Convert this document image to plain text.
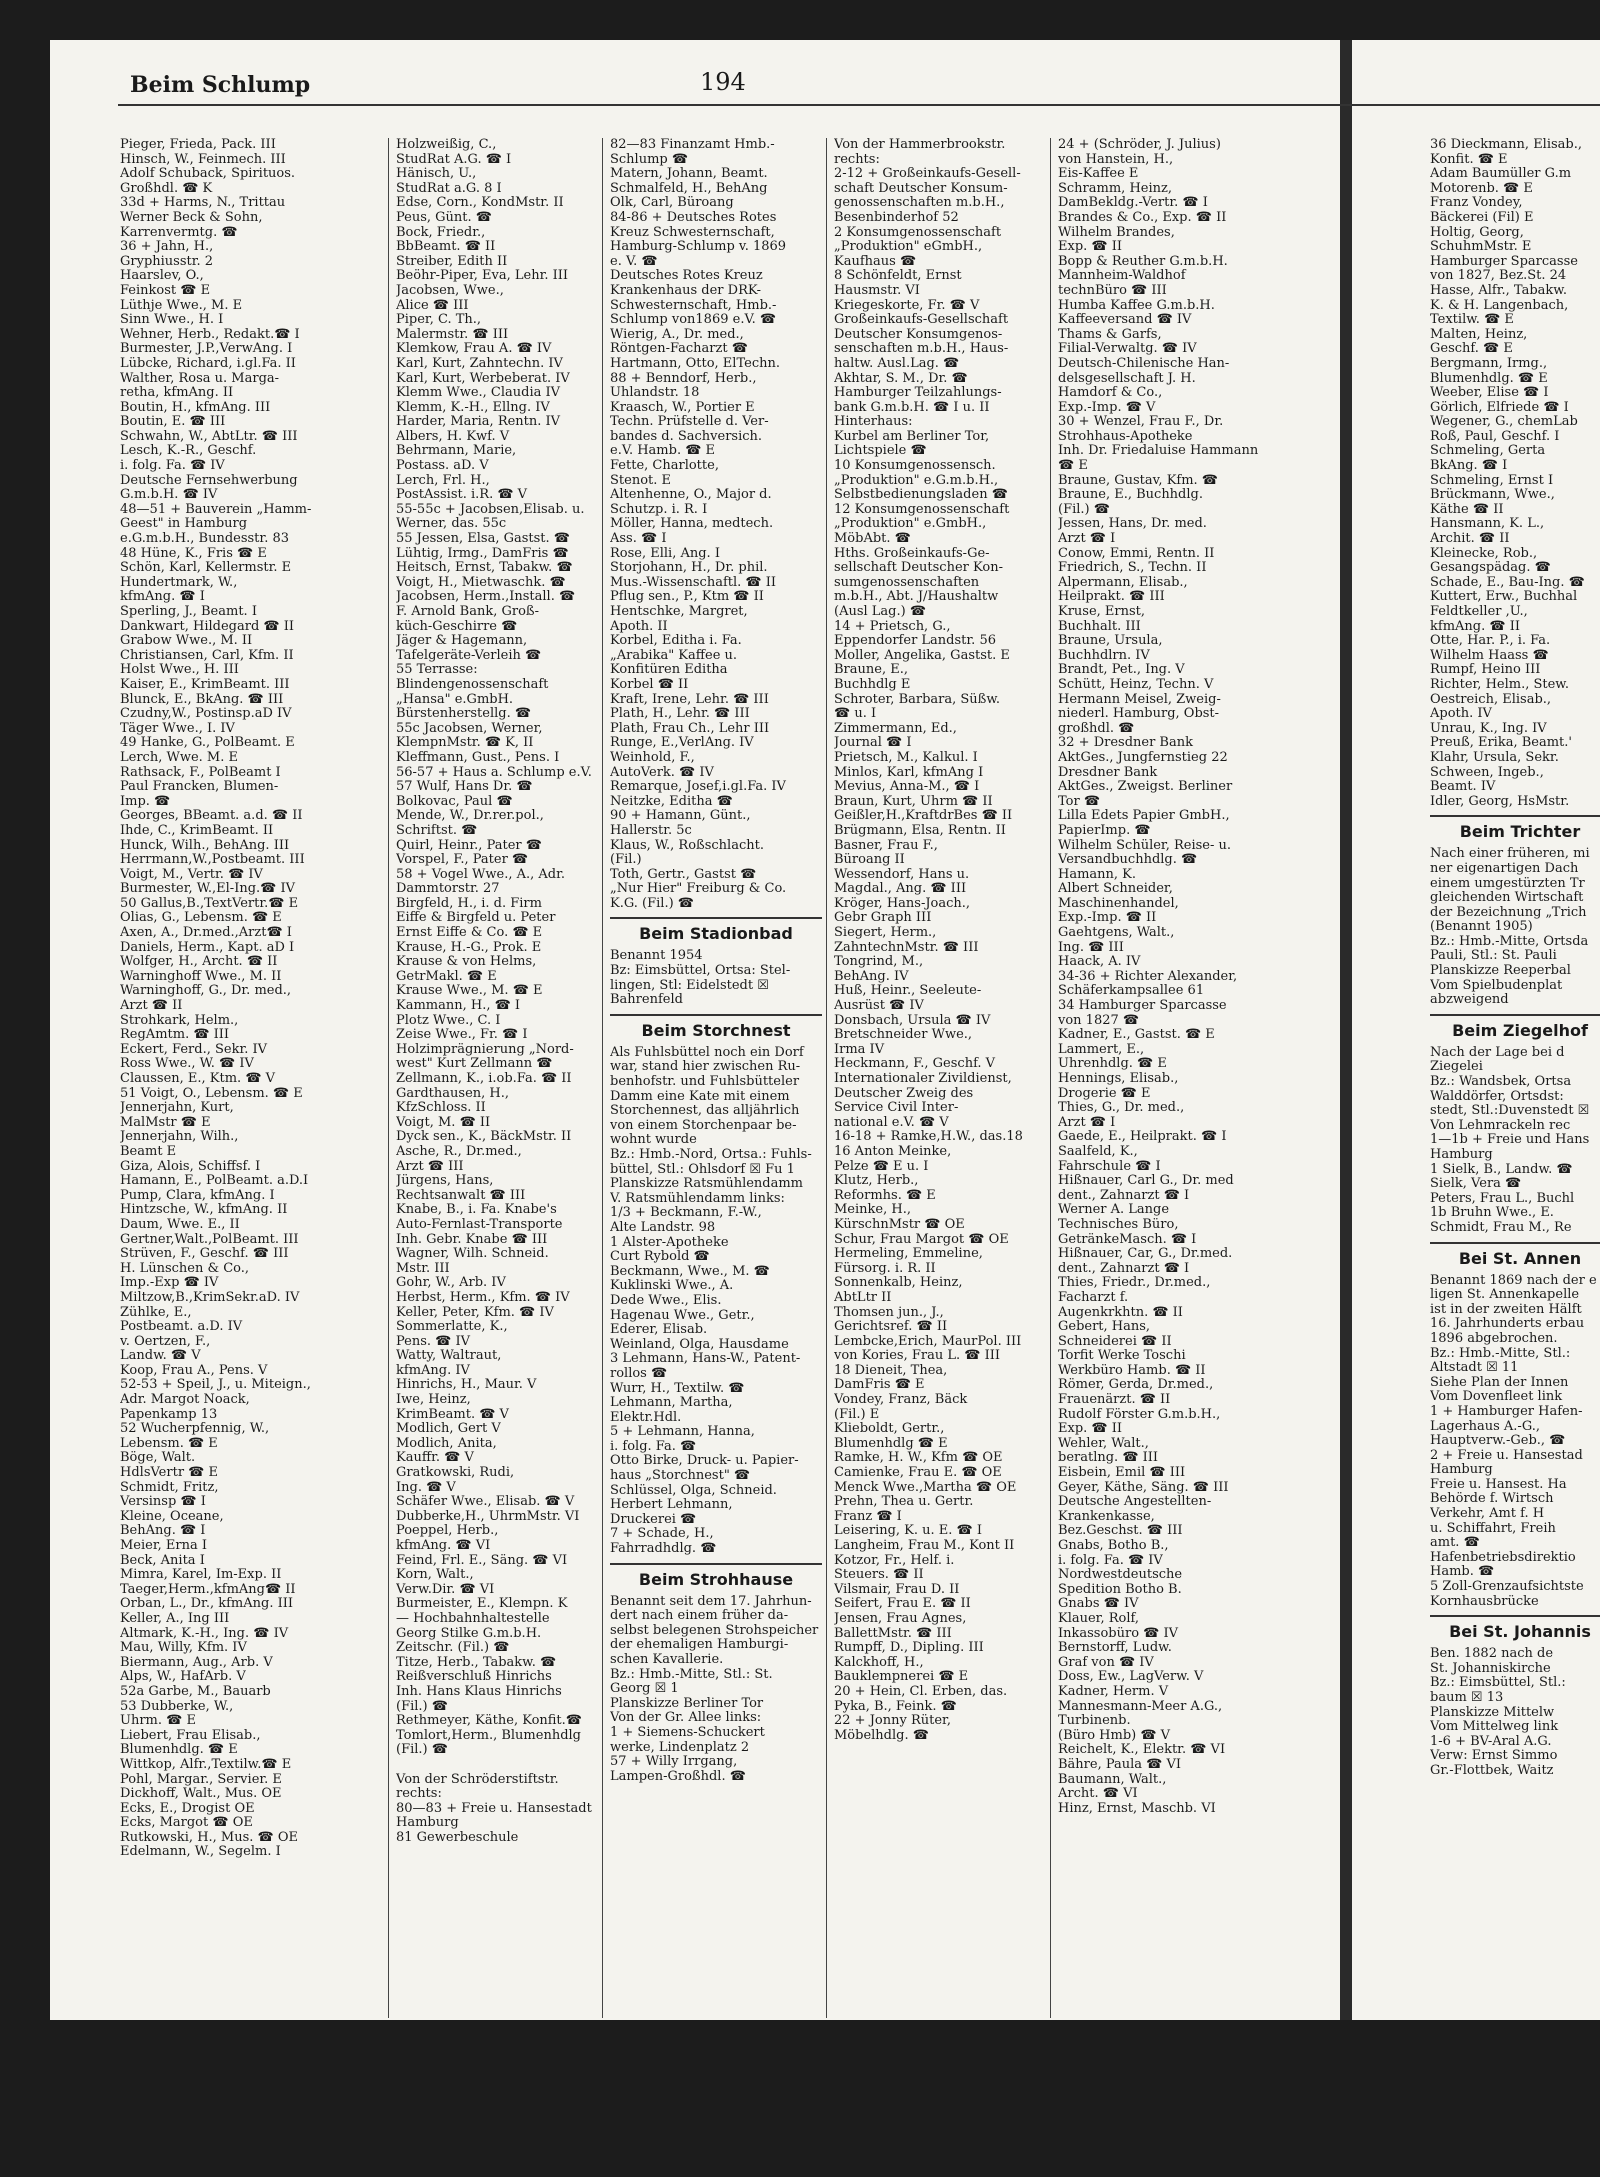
Beim Schlump	194
Pieger, Frieda, Pack. III
Hinsch, W., Feinmech. III
Adolf Schuback, Spirituos.
Großhdl. ☎ K
33d + Harms, N., Trittau
Werner Beck & Sohn,
Karrenvermtg. ☎
36 + Jahn, H.,
Gryphiusstr. 2
Haarslev, O.,
Feinkost ☎ E
Lüthje Wwe., M. E
Sinn Wwe., H. I
Wehner, Herb., Redakt.☎ I
Burmester, J.P.,VerwAng. I
Lübcke, Richard, i.gl.Fa. II
Walther, Rosa u. Marga-
retha, kfmAng. II
Boutin, H., kfmAng. III
Boutin, E. ☎ III
Schwahn, W., AbtLtr. ☎ III
Lesch, K.-R., Geschf.
i. folg. Fa. ☎ IV
Deutsche Fernsehwerbung
G.m.b.H. ☎ IV
48—51 + Bauverein „Hamm-
Geest" in Hamburg
e.G.m.b.H., Bundesstr. 83
48 Hüne, K., Fris ☎ E
Schön, Karl, Kellermstr. E
Hundertmark, W.,
kfmAng. ☎ I
Sperling, J., Beamt. I
Dankwart, Hildegard ☎ II
Grabow Wwe., M. II
Christiansen, Carl, Kfm. II
Holst Wwe., H. III
Kaiser, E., KrimBeamt. III
Blunck, E., BkAng. ☎ III
Czudny,W., Postinsp.aD IV
Täger Wwe., I. IV
49 Hanke, G., PolBeamt. E
Lerch, Wwe. M. E
Rathsack, F., PolBeamt I
Paul Francken, Blumen-
Imp. ☎
Georges, BBeamt. a.d. ☎ II
Ihde, C., KrimBeamt. II
Hunck, Wilh., BehAng. III
Herrmann,W.,Postbeamt. III
Voigt, M., Vertr. ☎ IV
Burmester, W.,El-Ing.☎ IV
50 Gallus,B.,TextVertr.☎ E
Olias, G., Lebensm. ☎ E
Axen, A., Dr.med.,Arzt☎ I
Daniels, Herm., Kapt. aD I
Wolfger, H., Archt. ☎ II
Warninghoff Wwe., M. II
Warninghoff, G., Dr. med.,
Arzt ☎ II
Strohkark, Helm.,
RegAmtm. ☎ III
Eckert, Ferd., Sekr. IV
Ross Wwe., W. ☎ IV
Claussen, E., Ktm. ☎ V
51 Voigt, O., Lebensm. ☎ E
Jennerjahn, Kurt,
MalMstr ☎ E
Jennerjahn, Wilh.,
Beamt E
Giza, Alois, Schiffsf. I
Hamann, E., PolBeamt. a.D.I
Pump, Clara, kfmAng. I
Hintzsche, W., kfmAng. II
Daum, Wwe. E., II
Gertner,Walt.,PolBeamt. III
Strüven, F., Geschf. ☎ III
H. Lünschen & Co.,
Imp.-Exp ☎ IV
Miltzow,B.,KrimSekr.aD. IV
Zühlke, E.,
Postbeamt. a.D. IV
v. Oertzen, F.,
Landw. ☎ V
Koop, Frau A., Pens. V
52-53 + Speil, J., u. Miteign.,
Adr. Margot Noack,
Papenkamp 13
52 Wucherpfennig, W.,
Lebensm. ☎ E
Böge, Walt.
HdlsVertr ☎ E
Schmidt, Fritz,
Versinsp ☎ I
Kleine, Oceane,
BehAng. ☎ I
Meier, Erna I
Beck, Anita I
Mimra, Karel, Im-Exp. II
Taeger,Herm.,kfmAng☎ II
Orban, L., Dr., kfmAng. III
Keller, A., Ing III
Altmark, K.-H., Ing. ☎ IV
Mau, Willy, Kfm. IV
Biermann, Aug., Arb. V
Alps, W., HafArb. V
52a Garbe, M., Bauarb
53 Dubberke, W.,
Uhrm. ☎ E
Liebert, Frau Elisab.,
Blumenhdlg. ☎ E
Wittkop, Alfr.,Textilw.☎ E
Pohl, Margar., Servier. E
Dickhoff, Walt., Mus. OE
Ecks, E., Drogist OE
Ecks, Margot ☎ OE
Rutkowski, H., Mus. ☎ OE
Edelmann, W., Segelm. I
Holzweißig, C.,
StudRat A.G. ☎ I
Hänisch, U.,
StudRat a.G. 8 I
Edse, Corn., KondMstr. II
Peus, Günt. ☎
Bock, Friedr.,
BbBeamt. ☎ II
Streiber, Edith II
Beöhr-Piper, Eva, Lehr. III
Jacobsen, Wwe.,
Alice ☎ III
Piper, C. Th.,
Malermstr. ☎ III
Klemkow, Frau A. ☎ IV
Karl, Kurt, Zahntechn. IV
Karl, Kurt, Werbeberat. IV
Klemm Wwe., Claudia IV
Klemm, K.-H., Ellng. IV
Harder, Maria, Rentn. IV
Albers, H. Kwf. V
Behrmann, Marie,
Postass. aD. V
Lerch, Frl. H.,
PostAssist. i.R. ☎ V
55-55c + Jacobsen,Elisab. u.
Werner, das. 55c
55 Jessen, Elsa, Gastst. ☎
Lühtig, Irmg., DamFris ☎
Heitsch, Ernst, Tabakw. ☎
Voigt, H., Mietwaschk. ☎
Jacobsen, Herm.,Install. ☎
F. Arnold Bank, Groß-
küch-Geschirre ☎
Jäger & Hagemann,
Tafelgeräte-Verleih ☎
55 Terrasse:
Blindengenossenschaft
„Hansa" e.GmbH.
Bürstenherstellg. ☎
55c Jacobsen, Werner,
KlempnMstr. ☎ K, II
Kleffmann, Gust., Pens. I
56-57 + Haus a. Schlump e.V.
57 Wulf, Hans Dr. ☎
Bolkovac, Paul ☎
Mende, W., Dr.rer.pol.,
Schriftst. ☎
Quirl, Heinr., Pater ☎
Vorspel, F., Pater ☎
58 + Vogel Wwe., A., Adr.
Dammtorstr. 27
Birgfeld, H., i. d. Firm
Eiffe & Birgfeld u. Peter
Ernst Eiffe & Co. ☎ E
Krause, H.-G., Prok. E
Krause & von Helms,
GetrMakl. ☎ E
Krause Wwe., M. ☎ E
Kammann, H., ☎ I
Plotz Wwe., C. I
Zeise Wwe., Fr. ☎ I
Holzimprägnierung „Nord-
west" Kurt Zellmann ☎
Zellmann, K., i.ob.Fa. ☎ II
Gardthausen, H.,
KfzSchloss. II
Voigt, M. ☎ II
Dyck sen., K., BäckMstr. II
Asche, R., Dr.med.,
Arzt ☎ III
Jürgens, Hans,
Rechtsanwalt ☎ III
Knabe, B., i. Fa. Knabe's
Auto-Fernlast-Transporte
Inh. Gebr. Knabe ☎ III
Wagner, Wilh. Schneid.
Mstr. III
Gohr, W., Arb. IV
Herbst, Herm., Kfm. ☎ IV
Keller, Peter, Kfm. ☎ IV
Sommerlatte, K.,
Pens. ☎ IV
Watty, Waltraut,
kfmAng. IV
Hinrichs, H., Maur. V
Iwe, Heinz,
KrimBeamt. ☎ V
Modlich, Gert V
Modlich, Anita,
Kauffr. ☎ V
Gratkowski, Rudi,
Ing. ☎ V
Schäfer Wwe., Elisab. ☎ V
Dubberke,H., UhrmMstr. VI
Poeppel, Herb.,
kfmAng. ☎ VI
Feind, Frl. E., Säng. ☎ VI
Korn, Walt.,
Verw.Dir. ☎ VI
Burmeister, E., Klempn. K
— Hochbahnhaltestelle
Georg Stilke G.m.b.H.
Zeitschr. (Fil.) ☎
Titze, Herb., Tabakw. ☎
Reißverschluß Hinrichs
Inh. Hans Klaus Hinrichs
(Fil.) ☎
Rethmeyer, Käthe, Konfit.☎
Tomlort,Herm., Blumenhdlg
(Fil.) ☎
Von der Schröderstiftstr.
rechts:
80—83 + Freie u. Hansestadt
Hamburg
81 Gewerbeschule
82—83 Finanzamt Hmb.-
Schlump ☎
Matern, Johann, Beamt.
Schmalfeld, H., BehAng
Olk, Carl, Büroang
84-86 + Deutsches Rotes
Kreuz Schwesternschaft,
Hamburg-Schlump v. 1869
e. V. ☎
Deutsches Rotes Kreuz
Krankenhaus der DRK-
Schwesternschaft, Hmb.-
Schlump von1869 e.V. ☎
Wierig, A., Dr. med.,
Röntgen-Facharzt ☎
Hartmann, Otto, ElTechn.
88 + Benndorf, Herb.,
Uhlandstr. 18
Kraasch, W., Portier E
Techn. Prüfstelle d. Ver-
bandes d. Sachversich.
e.V. Hamb. ☎ E
Fette, Charlotte,
Stenot. E
Altenhenne, O., Major d.
Schutzp. i. R. I
Möller, Hanna, medtech.
Ass. ☎ I
Rose, Elli, Ang. I
Storjohann, H., Dr. phil.
Mus.-Wissenschaftl. ☎ II
Pflug sen., P., Ktm ☎ II
Hentschke, Margret,
Apoth. II
Korbel, Editha i. Fa.
„Arabika" Kaffee u.
Konfitüren Editha
Korbel ☎ II
Kraft, Irene, Lehr. ☎ III
Plath, H., Lehr. ☎ III
Plath, Frau Ch., Lehr III
Runge, E.,VerlAng. IV
Weinhold, F.,
AutoVerk. ☎ IV
Remarque, Josef,i.gl.Fa. IV
Neitzke, Editha ☎
90 + Hamann, Günt.,
Hallerstr. 5c
Klaus, W., Roßschlacht.
(Fil.)
Toth, Gertr., Gastst ☎
„Nur Hier" Freiburg & Co.
K.G. (Fil.) ☎
Beim Stadionbad
Benannt 1954
Bz: Eimsbüttel, Ortsa: Stel-
lingen, Stl: Eidelstedt ☒
Bahrenfeld
Beim Storchnest
Als Fuhlsbüttel noch ein Dorf
war, stand hier zwischen Ru-
benhofstr. und Fuhlsbütteler
Damm eine Kate mit einem
Storchennest, das alljährlich
von einem Storchenpaar be-
wohnt wurde
Bz.: Hmb.-Nord, Ortsa.: Fuhls-
büttel, Stl.: Ohlsdorf ☒ Fu 1
Planskizze Ratsmühlendamm
V. Ratsmühlendamm links:
1/3 + Beckmann, F.-W.,
Alte Landstr. 98
1 Alster-Apotheke
Curt Rybold ☎
Beckmann, Wwe., M. ☎
Kuklinski Wwe., A.
Dede Wwe., Elis.
Hagenau Wwe., Getr.,
Ederer, Elisab.
Weinland, Olga, Hausdame
3 Lehmann, Hans-W., Patent-
rollos ☎
Wurr, H., Textilw. ☎
Lehmann, Martha,
Elektr.Hdl.
5 + Lehmann, Hanna,
i. folg. Fa. ☎
Otto Birke, Druck- u. Papier-
haus „Storchnest" ☎
Schlüssel, Olga, Schneid.
Herbert Lehmann,
Druckerei ☎
7 + Schade, H.,
Fahrradhdlg. ☎
Beim Strohhause
Benannt seit dem 17. Jahrhun-
dert nach einem früher da-
selbst belegenen Strohspeicher
der ehemaligen Hamburgi-
schen Kavallerie.
Bz.: Hmb.-Mitte, Stl.: St.
Georg ☒ 1
Planskizze Berliner Tor
Von der Gr. Allee links:
1 + Siemens-Schuckert
werke, Lindenplatz 2
57 + Willy Irrgang,
Lampen-Großhdl. ☎
Von der Hammerbrookstr.
rechts:
2-12 + Großeinkaufs-Gesell-
schaft Deutscher Konsum-
genossenschaften m.b.H.,
Besenbinderhof 52
2 Konsumgenossenschaft
„Produktion" eGmbH.,
Kaufhaus ☎
8 Schönfeldt, Ernst
Hausmstr. VI
Kriegeskorte, Fr. ☎ V
Großeinkaufs-Gesellschaft
Deutscher Konsumgenos-
senschaften m.b.H., Haus-
haltw. Ausl.Lag. ☎
Akhtar, S. M., Dr. ☎
Hamburger Teilzahlungs-
bank G.m.b.H. ☎ I u. II
Hinterhaus:
Kurbel am Berliner Tor,
Lichtspiele ☎
10 Konsumgenossensch.
„Produktion" e.G.m.b.H.,
Selbstbedienungsladen ☎
12 Konsumgenossenschaft
„Produktion" e.GmbH.,
MöbAbt. ☎
Hths. Großeinkaufs-Ge-
sellschaft Deutscher Kon-
sumgenossenschaften
m.b.H., Abt. J/Haushaltw
(Ausl Lag.) ☎
14 + Prietsch, G.,
Eppendorfer Landstr. 56
Moller, Angelika, Gastst. E
Braune, E.,
Buchhdlg E
Schroter, Barbara, Süßw.
☎ u. I
Zimmermann, Ed.,
Journal ☎ I
Prietsch, M., Kalkul. I
Minlos, Karl, kfmAng I
Mevius, Anna-M., ☎ I
Braun, Kurt, Uhrm ☎ II
Geißler,H.,KraftdrBes ☎ II
Brügmann, Elsa, Rentn. II
Basner, Frau F.,
Büroang II
Wessendorf, Hans u.
Magdal., Ang. ☎ III
Kröger, Hans-Joach.,
Gebr Graph III
Siegert, Herm.,
ZahntechnMstr. ☎ III
Tongrind, M.,
BehAng. IV
Huß, Heinr., Seeleute-
Ausrüst ☎ IV
Donsbach, Ursula ☎ IV
Bretschneider Wwe.,
Irma IV
Heckmann, F., Geschf. V
Internationaler Zivildienst,
Deutscher Zweig des
Service Civil Inter-
national e.V. ☎ V
16-18 + Ramke,H.W., das.18
16 Anton Meinke,
Pelze ☎ E u. I
Klutz, Herb.,
Reformhs. ☎ E
Meinke, H.,
KürschnMstr ☎ OE
Schur, Frau Margot ☎ OE
Hermeling, Emmeline,
Fürsorg. i. R. II
Sonnenkalb, Heinz,
AbtLtr II
Thomsen jun., J.,
Gerichtsref. ☎ II
Lembcke,Erich, MaurPol. III
von Kories, Frau L. ☎ III
18 Dieneit, Thea,
DamFris ☎ E
Vondey, Franz, Bäck
(Fil.) E
Klieboldt, Gertr.,
Blumenhdlg ☎ E
Ramke, H. W., Kfm ☎ OE
Camienke, Frau E. ☎ OE
Menck Wwe.,Martha ☎ OE
Prehn, Thea u. Gertr.
Franz ☎ I
Leisering, K. u. E. ☎ I
Langheim, Frau M., Kont II
Kotzor, Fr., Helf. i.
Steuers. ☎ II
Vilsmair, Frau D. II
Seifert, Frau E. ☎ II
Jensen, Frau Agnes,
BallettMstr. ☎ III
Rumpff, D., Dipling. III
Kalckhoff, H.,
Bauklempnerei ☎ E
20 + Hein, Cl. Erben, das.
Pyka, B., Feink. ☎
22 + Jonny Rüter,
Möbelhdlg. ☎
24 + (Schröder, J. Julius)
von Hanstein, H.,
Eis-Kaffee E
Schramm, Heinz,
DamBekldg.-Vertr. ☎ I
Brandes & Co., Exp. ☎ II
Wilhelm Brandes,
Exp. ☎ II
Bopp & Reuther G.m.b.H.
Mannheim-Waldhof
technBüro ☎ III
Humba Kaffee G.m.b.H.
Kaffeeversand ☎ IV
Thams & Garfs,
Filial-Verwaltg. ☎ IV
Deutsch-Chilenische Han-
delsgesellschaft J. H.
Hamdorf & Co.,
Exp.-Imp. ☎ V
30 + Wenzel, Frau F., Dr.
Strohhaus-Apotheke
Inh. Dr. Friedaluise Hammann
☎ E
Braune, Gustav, Kfm. ☎
Braune, E., Buchhdlg.
(Fil.) ☎
Jessen, Hans, Dr. med.
Arzt ☎ I
Conow, Emmi, Rentn. II
Friedrich, S., Techn. II
Alpermann, Elisab.,
Heilprakt. ☎ III
Kruse, Ernst,
Buchhalt. III
Braune, Ursula,
Buchhdlrn. IV
Brandt, Pet., Ing. V
Schütt, Heinz, Techn. V
Hermann Meisel, Zweig-
niederl. Hamburg, Obst-
großhdl. ☎
32 + Dresdner Bank
AktGes., Jungfernstieg 22
Dresdner Bank
AktGes., Zweigst. Berliner
Tor ☎
Lilla Edets Papier GmbH.,
PapierImp. ☎
Wilhelm Schüler, Reise- u.
Versandbuchhdlg. ☎
Hamann, K.
Albert Schneider,
Maschinenhandel,
Exp.-Imp. ☎ II
Gaehtgens, Walt.,
Ing. ☎ III
Haack, A. IV
34-36 + Richter Alexander,
Schäferkampsallee 61
34 Hamburger Sparcasse
von 1827 ☎
Kadner, E., Gastst. ☎ E
Lammert, E.,
Uhrenhdlg. ☎ E
Hennings, Elisab.,
Drogerie ☎ E
Thies, G., Dr. med.,
Arzt ☎ I
Gaede, E., Heilprakt. ☎ I
Saalfeld, K.,
Fahrschule ☎ I
Hißnauer, Carl G., Dr. med
dent., Zahnarzt ☎ I
Werner A. Lange
Technisches Büro,
GetränkeMasch. ☎ I
Hißnauer, Car, G., Dr.med.
dent., Zahnarzt ☎ I
Thies, Friedr., Dr.med.,
Facharzt f.
Augenkrkhtn. ☎ II
Gebert, Hans,
Schneiderei ☎ II
Torfit Werke Toschi
Werkbüro Hamb. ☎ II
Römer, Gerda, Dr.med.,
Frauenärzt. ☎ II
Rudolf Förster G.m.b.H.,
Exp. ☎ II
Wehler, Walt.,
beratlng. ☎ III
Eisbein, Emil ☎ III
Geyer, Käthe, Säng. ☎ III
Deutsche Angestellten-
Krankenkasse,
Bez.Geschst. ☎ III
Gnabs, Botho B.,
i. folg. Fa. ☎ IV
Nordwestdeutsche
Spedition Botho B.
Gnabs ☎ IV
Klauer, Rolf,
Inkassobüro ☎ IV
Bernstorff, Ludw.
Graf von ☎ IV
Doss, Ew., LagVerw. V
Kadner, Herm. V
Mannesmann-Meer A.G.,
Turbinenb.
(Büro Hmb) ☎ V
Reichelt, K., Elektr. ☎ VI
Bähre, Paula ☎ VI
Baumann, Walt.,
Archt. ☎ VI
Hinz, Ernst, Maschb. VI
36 Dieckmann, Elisab.,
Konfit. ☎ E
Adam Baumüller G.m
Motorenb. ☎ E
Franz Vondey,
Bäckerei (Fil) E
Holtig, Georg,
SchuhmMstr. E
Hamburger Sparcasse
von 1827, Bez.St. 24
Hasse, Alfr., Tabakw.
K. & H. Langenbach,
Textilw. ☎ E
Malten, Heinz,
Geschf. ☎ E
Bergmann, Irmg.,
Blumenhdlg. ☎ E
Weeber, Elise ☎ I
Görlich, Elfriede ☎ I
Wegener, G., chemLab
Roß, Paul, Geschf. I
Schmeling, Gerta
BkAng. ☎ I
Schmeling, Ernst I
Brückmann, Wwe.,
Käthe ☎ II
Hansmann, K. L.,
Archit. ☎ II
Kleinecke, Rob.,
Gesangspädag. ☎
Schade, E., Bau-Ing. ☎
Kuttert, Erw., Buchhal
Feldtkeller ,U.,
kfmAng. ☎ II
Otte, Har. P., i. Fa.
Wilhelm Haass ☎
Rumpf, Heino III
Richter, Helm., Stew.
Oestreich, Elisab.,
Apoth. IV
Unrau, K., Ing. IV
Preuß, Erika, Beamt.'
Klahr, Ursula, Sekr.
Schween, Ingeb.,
Beamt. IV
Idler, Georg, HsMstr.
Beim Trichter
Nach einer früheren, mi
ner eigenartigen Dach
einem umgestürzten Tr
gleichenden Wirtschaft
der Bezeichnung „Trich
(Benannt 1905)
Bz.: Hmb.-Mitte, Ortsda
Pauli, Stl.: St. Pauli
Planskizze Reeperbal
Vom Spielbudenplat
abzweigend
Beim Ziegelhof
Nach der Lage bei d
Ziegelei
Bz.: Wandsbek, Ortsa
Walddörfer, Ortsdst:
stedt, Stl.:Duvenstedt ☒
Von Lehmrackeln rec
1—1b + Freie und Hans
Hamburg
1 Sielk, B., Landw. ☎
Sielk, Vera ☎
Peters, Frau L., Buchl
1b Bruhn Wwe., E.
Schmidt, Frau M., Re
Bei St. Annen
Benannt 1869 nach der e
ligen St. Annenkapelle
ist in der zweiten Hälft
16. Jahrhunderts erbau
1896 abgebrochen.
Bz.: Hmb.-Mitte, Stl.:
Altstadt ☒ 11
Siehe Plan der Innen
Vom Dovenfleet link
1 + Hamburger Hafen-
Lagerhaus A.-G.,
Hauptverw.-Geb., ☎
2 + Freie u. Hansestad
Hamburg
Freie u. Hansest. Ha
Behörde f. Wirtsch
Verkehr, Amt f. H
u. Schiffahrt, Freih
amt. ☎
Hafenbetriebsdirektio
Hamb. ☎
5 Zoll-Grenzaufsichtste
Kornhausbrücke
Bei St. Johannis
Ben. 1882 nach de
St. Johanniskirche
Bz.: Eimsbüttel, Stl.:
baum ☒ 13
Planskizze Mittelw
Vom Mittelweg link
1-6 + BV-Aral A.G.
Verw: Ernst Simmo
Gr.-Flottbek, Waitz
